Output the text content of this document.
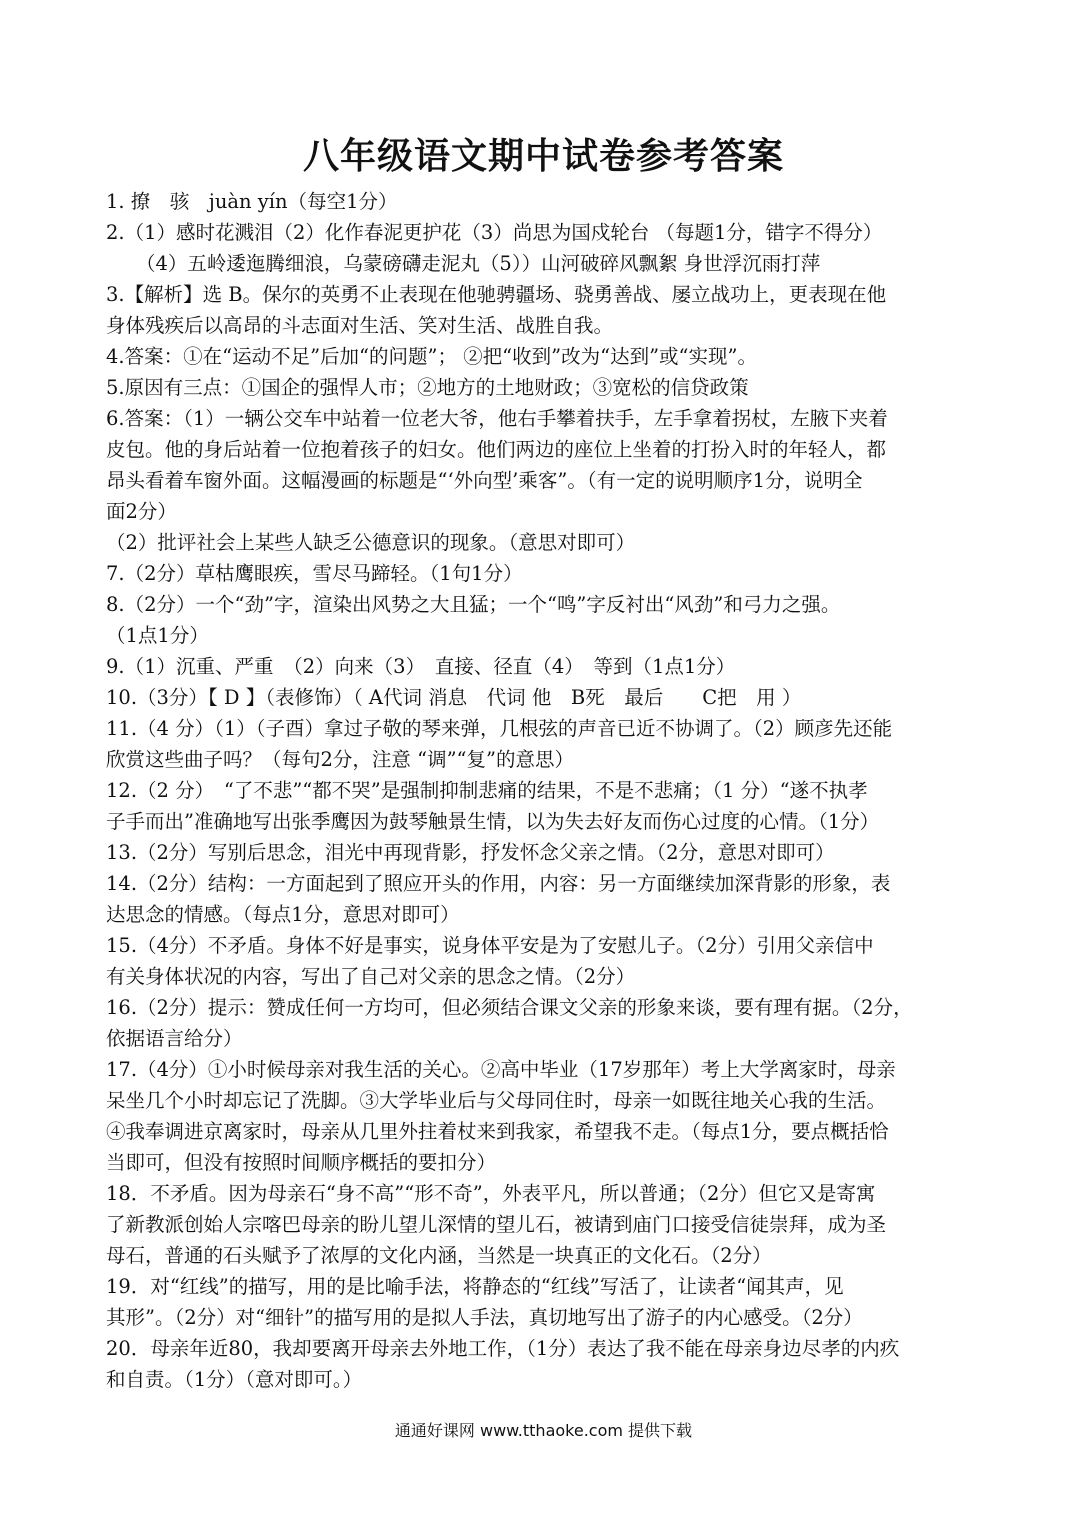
八年级语文期中试卷参考答案
1. 撩　骇　juàn yín（每空1分）
2.（1）感时花溅泪（2）化作春泥更护花（3）尚思为国戍轮台 （每题1分，错字不得分）
（4）五岭逶迤腾细浪，乌蒙磅礴走泥丸（5））山河破碎风飘絮 身世浮沉雨打萍
3.【解析】选 B。保尔的英勇不止表现在他驰骋疆场、骁勇善战、屡立战功上，更表现在他
身体残疾后以高昂的斗志面对生活、笑对生活、战胜自我。
4.答案：①在“运动不足”后加“的问题”； ②把“收到”改为“达到”或“实现”。
5.原因有三点：①国企的强悍人市；②地方的土地财政；③宽松的信贷政策
6.答案：（1）一辆公交车中站着一位老大爷，他右手攀着扶手，左手拿着拐杖，左腋下夹着
皮包。他的身后站着一位抱着孩子的妇女。他们两边的座位上坐着的打扮入时的年轻人，都
昂头看着车窗外面。这幅漫画的标题是“‘外向型’乘客”。（有一定的说明顺序1分，说明全
面2分）
（2）批评社会上某些人缺乏公德意识的现象。（意思对即可）
7.（2分）草枯鹰眼疾，雪尽马蹄轻。（1句1分）
8.（2分）一个“劲”字，渲染出风势之大且猛；一个“鸣”字反衬出“风劲”和弓力之强。
（1点1分）
9.（1）沉重、严重　（2）向来（3）　直接、径直（4）　等到（1点1分）
10.（3分）【 D 】（表修饰）（ A代词 消息　代词 他　B死　最后　　C把　用 ）
11.（4 分）（1）（子酉）拿过子敬的琴来弹，几根弦的声音已近不协调了。（2）顾彦先还能
欣赏这些曲子吗？（每句2分，注意 “调”“复”的意思）
12.（2 分）　“了不悲”“都不哭”是强制抑制悲痛的结果，不是不悲痛；（1 分）“遂不执孝
子手而出”准确地写出张季鹰因为鼓琴触景生情，以为失去好友而伤心过度的心情。（1分）
13.（2分）写别后思念，泪光中再现背影，抒发怀念父亲之情。（2分，意思对即可）
14.（2分）结构：一方面起到了照应开头的作用，内容：另一方面继续加深背影的形象，表
达思念的情感。（每点1分，意思对即可）
15.（4分）不矛盾。身体不好是事实，说身体平安是为了安慰儿子。（2分）引用父亲信中
有关身体状况的内容，写出了自己对父亲的思念之情。（2分）
16.（2分）提示：赞成任何一方均可，但必须结合课文父亲的形象来谈，要有理有据。（2分，
依据语言给分）
17.（4分）①小时候母亲对我生活的关心。②高中毕业（17岁那年）考上大学离家时，母亲
呆坐几个小时却忘记了洗脚。③大学毕业后与父母同住时，母亲一如既往地关心我的生活。
④我奉调进京离家时，母亲从几里外拄着杖来到我家，希望我不走。（每点1分，要点概括恰
当即可，但没有按照时间顺序概括的要扣分）
18．不矛盾。因为母亲石“身不高”“形不奇”，外表平凡，所以普通；（2分）但它又是寄寓
了新教派创始人宗喀巴母亲的盼儿望儿深情的望儿石，被请到庙门口接受信徒崇拜，成为圣
母石，普通的石头赋予了浓厚的文化内涵，当然是一块真正的文化石。（2分）
19．对“红线”的描写，用的是比喻手法，将静态的“红线”写活了，让读者“闻其声，见
其形”。（2分）对“细针”的描写用的是拟人手法，真切地写出了游子的内心感受。（2分）
20．母亲年近80，我却要离开母亲去外地工作，（1分）表达了我不能在母亲身边尽孝的内疚
和自责。（1分）（意对即可。）
通通好课网 www.tthaoke.com 提供下载
